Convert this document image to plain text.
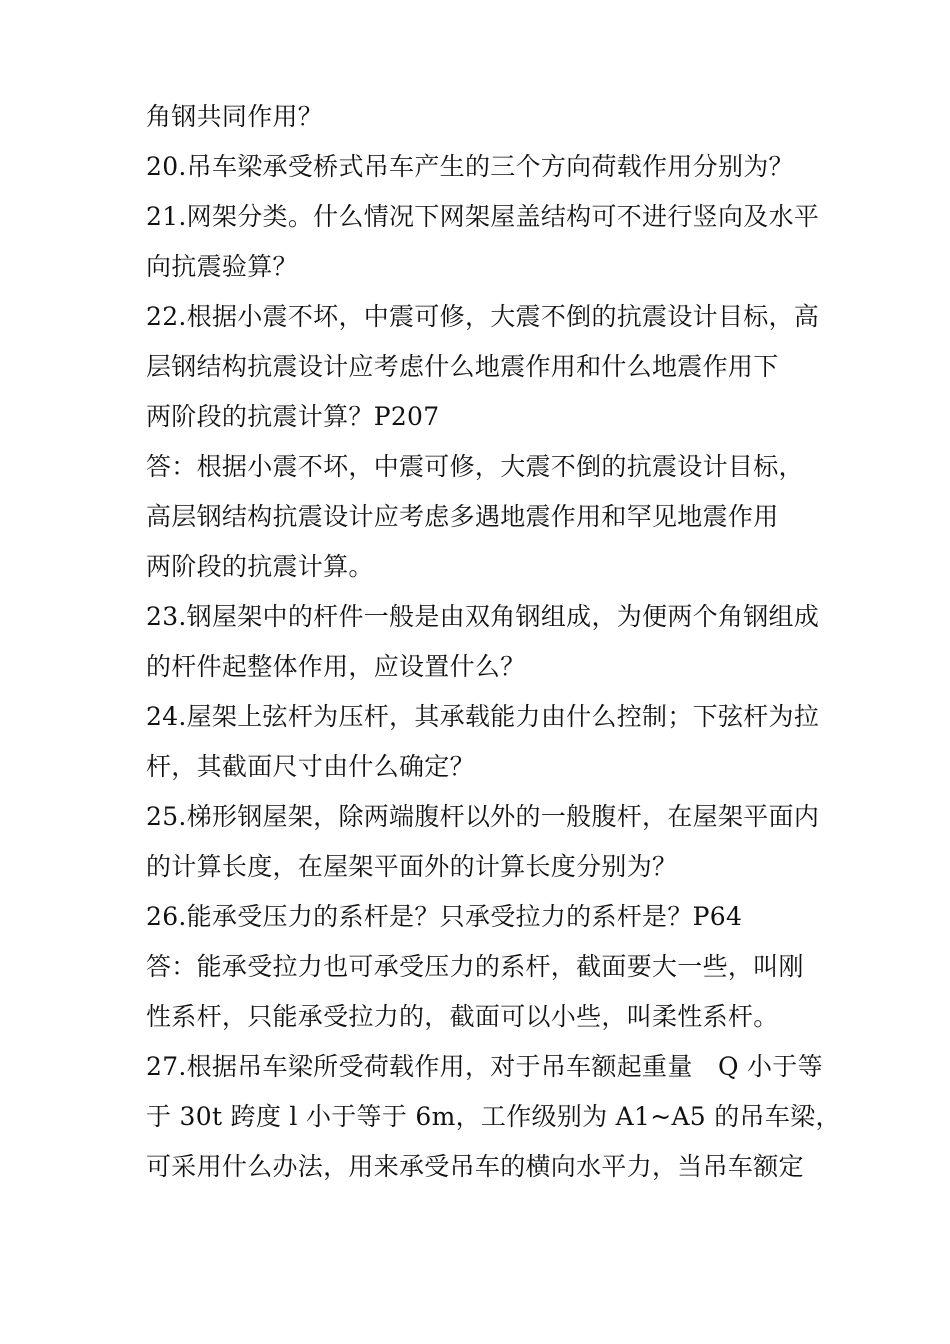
角钢共同作用？
20.吊车梁承受桥式吊车产生的三个方向荷载作用分别为？
21.网架分类。什么情况下网架屋盖结构可不进行竖向及水平
向抗震验算？
22.根据小震不坏，中震可修，大震不倒的抗震设计目标，高
层钢结构抗震设计应考虑什么地震作用和什么地震作用下
两阶段的抗震计算？P207
答：根据小震不坏，中震可修，大震不倒的抗震设计目标，
高层钢结构抗震设计应考虑多遇地震作用和罕见地震作用
两阶段的抗震计算。
23.钢屋架中的杆件一般是由双角钢组成，为便两个角钢组成
的杆件起整体作用，应设置什么？
24.屋架上弦杆为压杆，其承载能力由什么控制；下弦杆为拉
杆，其截面尺寸由什么确定？
25.梯形钢屋架，除两端腹杆以外的一般腹杆，在屋架平面内
的计算长度，在屋架平面外的计算长度分别为？
26.能承受压力的系杆是？只承受拉力的系杆是？P64
答：能承受拉力也可承受压力的系杆，截面要大一些，叫刚
性系杆，只能承受拉力的，截面可以小些，叫柔性系杆。
27.根据吊车梁所受荷载作用，对于吊车额起重量　Q 小于等
于 30t 跨度 l 小于等于 6m，工作级别为 A1~A5 的吊车梁，
可采用什么办法，用来承受吊车的横向水平力，当吊车额定
